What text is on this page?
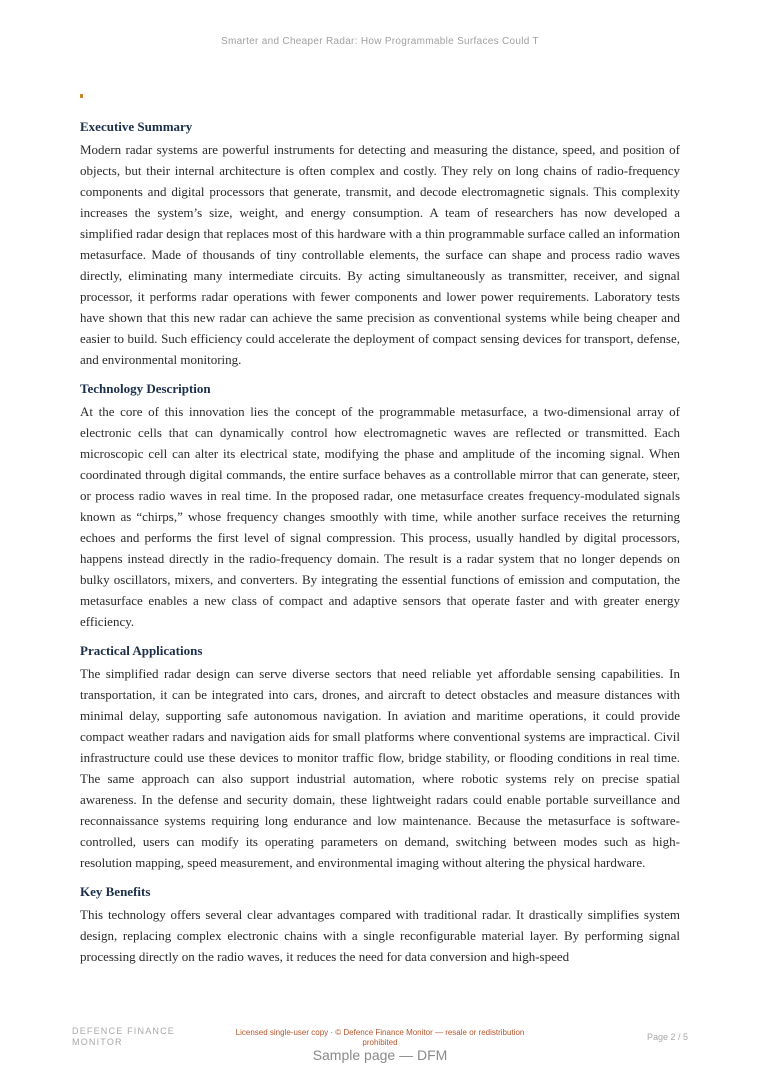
Smarter and Cheaper Radar: How Programmable Surfaces Could T
Executive Summary

Modern radar systems are powerful instruments for detecting and measuring the distance, speed, and position of objects, but their internal architecture is often complex and costly. They rely on long chains of radio-frequency components and digital processors that generate, transmit, and decode electromagnetic signals. This complexity increases the system’s size, weight, and energy consumption. A team of researchers has now developed a simplified radar design that replaces most of this hardware with a thin programmable surface called an information metasurface. Made of thousands of tiny controllable elements, the surface can shape and process radio waves directly, eliminating many intermediate circuits. By acting simultaneously as transmitter, receiver, and signal processor, it performs radar operations with fewer components and lower power requirements. Laboratory tests have shown that this new radar can achieve the same precision as conventional systems while being cheaper and easier to build. Such efficiency could accelerate the deployment of compact sensing devices for transport, defense, and environmental monitoring.

Technology Description

At the core of this innovation lies the concept of the programmable metasurface, a two-dimensional array of electronic cells that can dynamically control how electromagnetic waves are reflected or transmitted. Each microscopic cell can alter its electrical state, modifying the phase and amplitude of the incoming signal. When coordinated through digital commands, the entire surface behaves as a controllable mirror that can generate, steer, or process radio waves in real time. In the proposed radar, one metasurface creates frequency-modulated signals known as “chirps,” whose frequency changes smoothly with time, while another surface receives the returning echoes and performs the first level of signal compression. This process, usually handled by digital processors, happens instead directly in the radio-frequency domain. The result is a radar system that no longer depends on bulky oscillators, mixers, and converters. By integrating the essential functions of emission and computation, the metasurface enables a new class of compact and adaptive sensors that operate faster and with greater energy efficiency.

Practical Applications

The simplified radar design can serve diverse sectors that need reliable yet affordable sensing capabilities. In transportation, it can be integrated into cars, drones, and aircraft to detect obstacles and measure distances with minimal delay, supporting safe autonomous navigation. In aviation and maritime operations, it could provide compact weather radars and navigation aids for small platforms where conventional systems are impractical. Civil infrastructure could use these devices to monitor traffic flow, bridge stability, or flooding conditions in real time. The same approach can also support industrial automation, where robotic systems rely on precise spatial awareness. In the defense and security domain, these lightweight radars could enable portable surveillance and reconnaissance systems requiring long endurance and low maintenance. Because the metasurface is software-controlled, users can modify its operating parameters on demand, switching between modes such as high-resolution mapping, speed measurement, and environmental imaging without altering the physical hardware.

Key Benefits

This technology offers several clear advantages compared with traditional radar. It drastically simplifies system design, replacing complex electronic chains with a single reconfigurable material layer. By performing signal processing directly on the radio waves, it reduces the need for data conversion and high-speed

DEFENCE FINANCE
MONITOR
Licensed single-user copy · © Defence Finance Monitor — resale or redistribution prohibited
Page 2 / 5
Sample page — DFM
